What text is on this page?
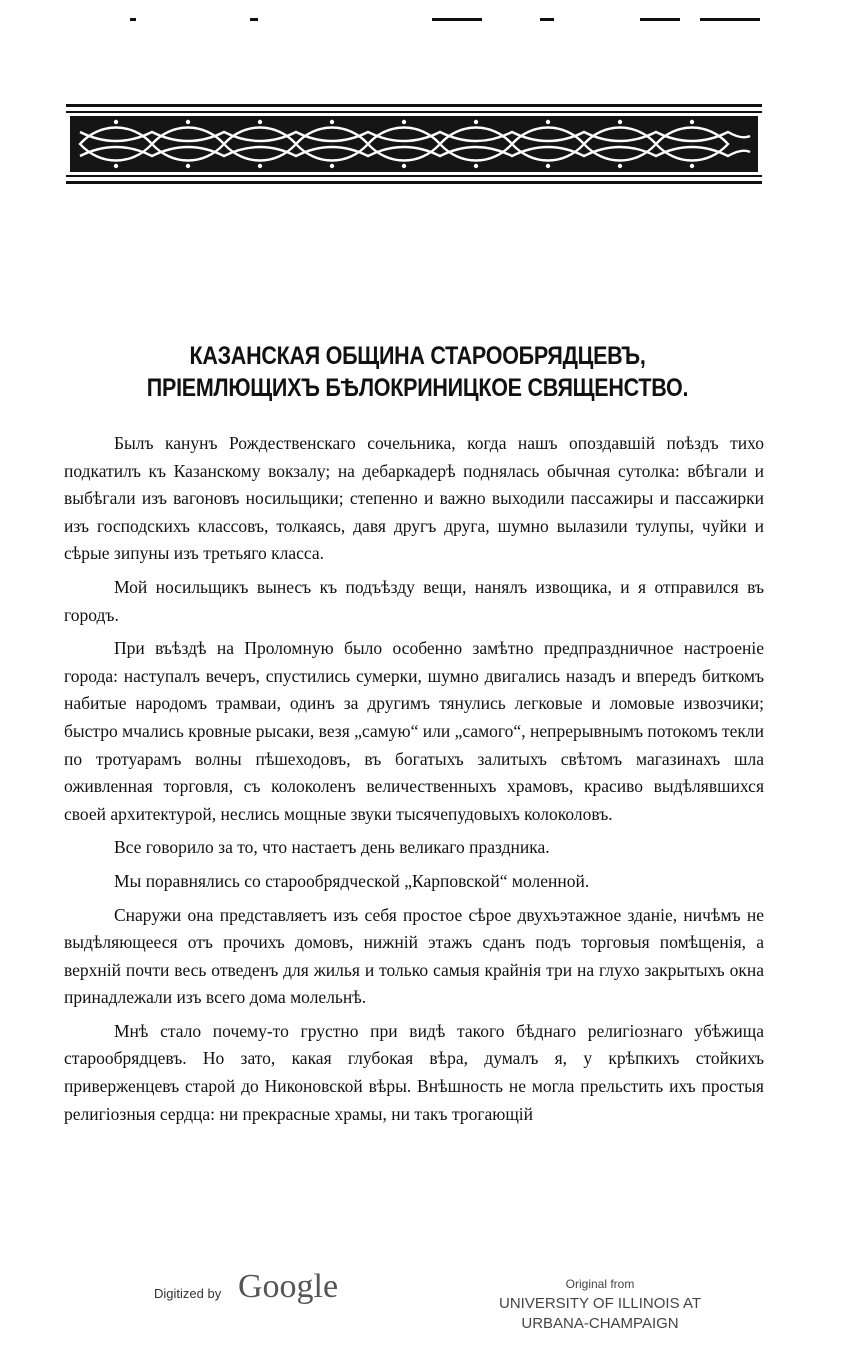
КАЗАНСКАЯ ОБЩИНА СТАРООБРЯДЦЕВЪ, ПРІЕМЛЮЩИХЪ БѢЛОКРИНИЦКОЕ СВЯЩЕНСТВО.

Былъ канунъ Рождественскаго сочельника, когда нашъ опоздавшій поѣздъ тихо подкатилъ къ Казанскому вокзалу; на дебаркадерѣ поднялась обычная сутолка: вбѣгали и выбѣгали изъ вагоновъ носильщики; степенно и важно выходили пассажиры и пассажирки изъ господскихъ классовъ, толкаясь, давя другъ друга, шумно вылазили тулупы, чуйки и сѣрые зипуны изъ третьяго класса.

Мой носильщикъ вынесъ къ подъѣзду вещи, нанялъ извощика, и я отправился въ городъ.

При въѣздѣ на Проломную было особенно замѣтно предпраздничное настроеніе города: наступалъ вечеръ, спустились сумерки, шумно двигались назадъ и впередъ биткомъ набитые народомъ трамваи, одинъ за другимъ тянулись легковые и ломовые извозчики; быстро мчались кровные рысаки, везя „самую“ или „самого“, непрерывнымъ потокомъ текли по тротуарамъ волны пѣшеходовъ, въ богатыхъ залитыхъ свѣтомъ магазинахъ шла оживленная торговля, съ колоколенъ величественныхъ храмовъ, красиво выдѣлявшихся своей архитектурой, неслись мощные звуки тысячепудовыхъ колоколовъ.

Все говорило за то, что настаетъ день великаго праздника.

Мы поравнялись со старообрядческой „Карповской“ моленной.

Снаружи она представляетъ изъ себя простое сѣрое двухъэтажное зданіе, ничѣмъ не выдѣляющееся отъ прочихъ домовъ, нижній этажъ сданъ подъ торговыя помѣщенія, а верхній почти весь отведенъ для жилья и только самыя крайнія три на глухо закрытыхъ окна принадлежали изъ всего дома молельнѣ.

Мнѣ стало почему-то грустно при видѣ такого бѣднаго религіознаго убѣжища старообрядцевъ. Но зато, какая глубокая вѣра, думалъ я, у крѣпкихъ стойкихъ приверженцевъ старой до Никоновской вѣры. Внѣшность не могла прельстить ихъ простыя религіозныя сердца: ни прекрасные храмы, ни такъ трогающій

Digitized by Google	Original from
UNIVERSITY OF ILLINOIS AT
URBANA-CHAMPAIGN
